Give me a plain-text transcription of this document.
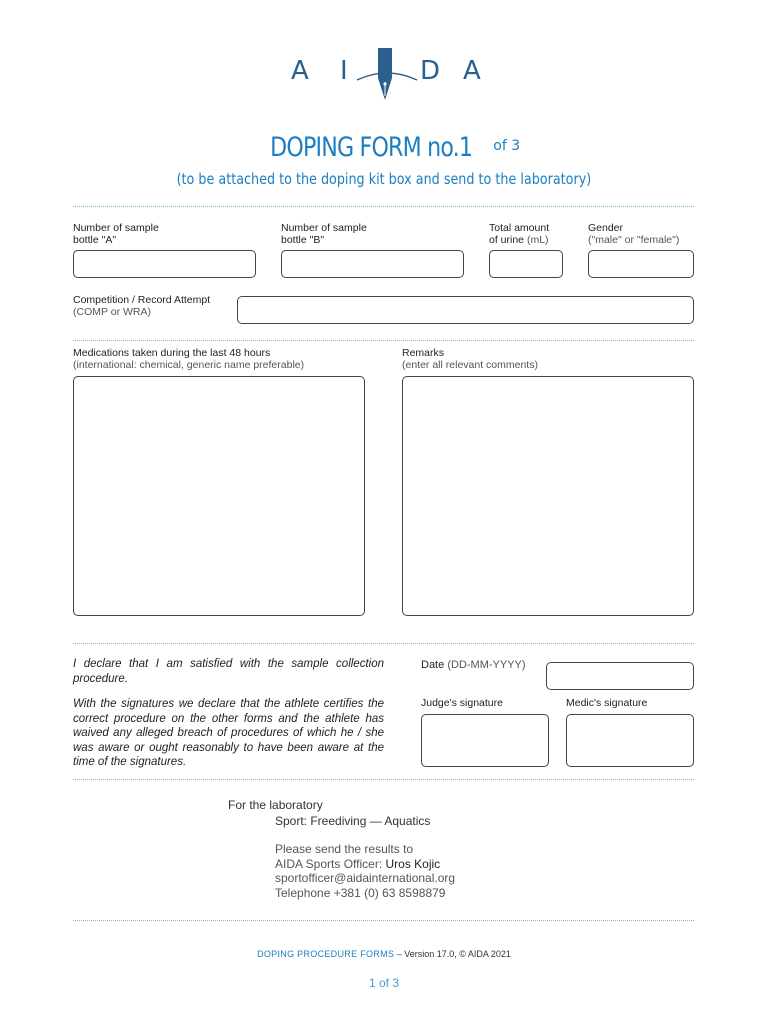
A I	D A
DOPING FORM no.1 of 3
(to be attached to the doping kit box and send to the laboratory)
Number of sample
bottle "A"
Number of sample
bottle "B"
Total amount
of urine (mL)
Gender
("male" or "female")
Competition / Record Attempt
(COMP or WRA)
Medications taken during the last 48 hours
(international: chemical, generic name preferable)
Remarks
(enter all relevant comments)
I declare that I am satisfied with the sample collection procedure.
With the signatures we declare that the athlete certifies the correct procedure on the other forms and the athlete has waived any alleged breach of procedures of which he / she was aware or ought reasonably to have been aware at the time of the signatures.
Date (DD-MM-YYYY)
Judge's signature	Medic's signature
For the laboratory
Sport: Freediving — Aquatics
Please send the results to
AIDA Sports Officer: Uros Kojic
sportofficer@aidainternational.org
Telephone +381 (0) 63 8598879
DOPING PROCEDURE FORMS – Version 17.0, © AIDA 2021
1 of 3
